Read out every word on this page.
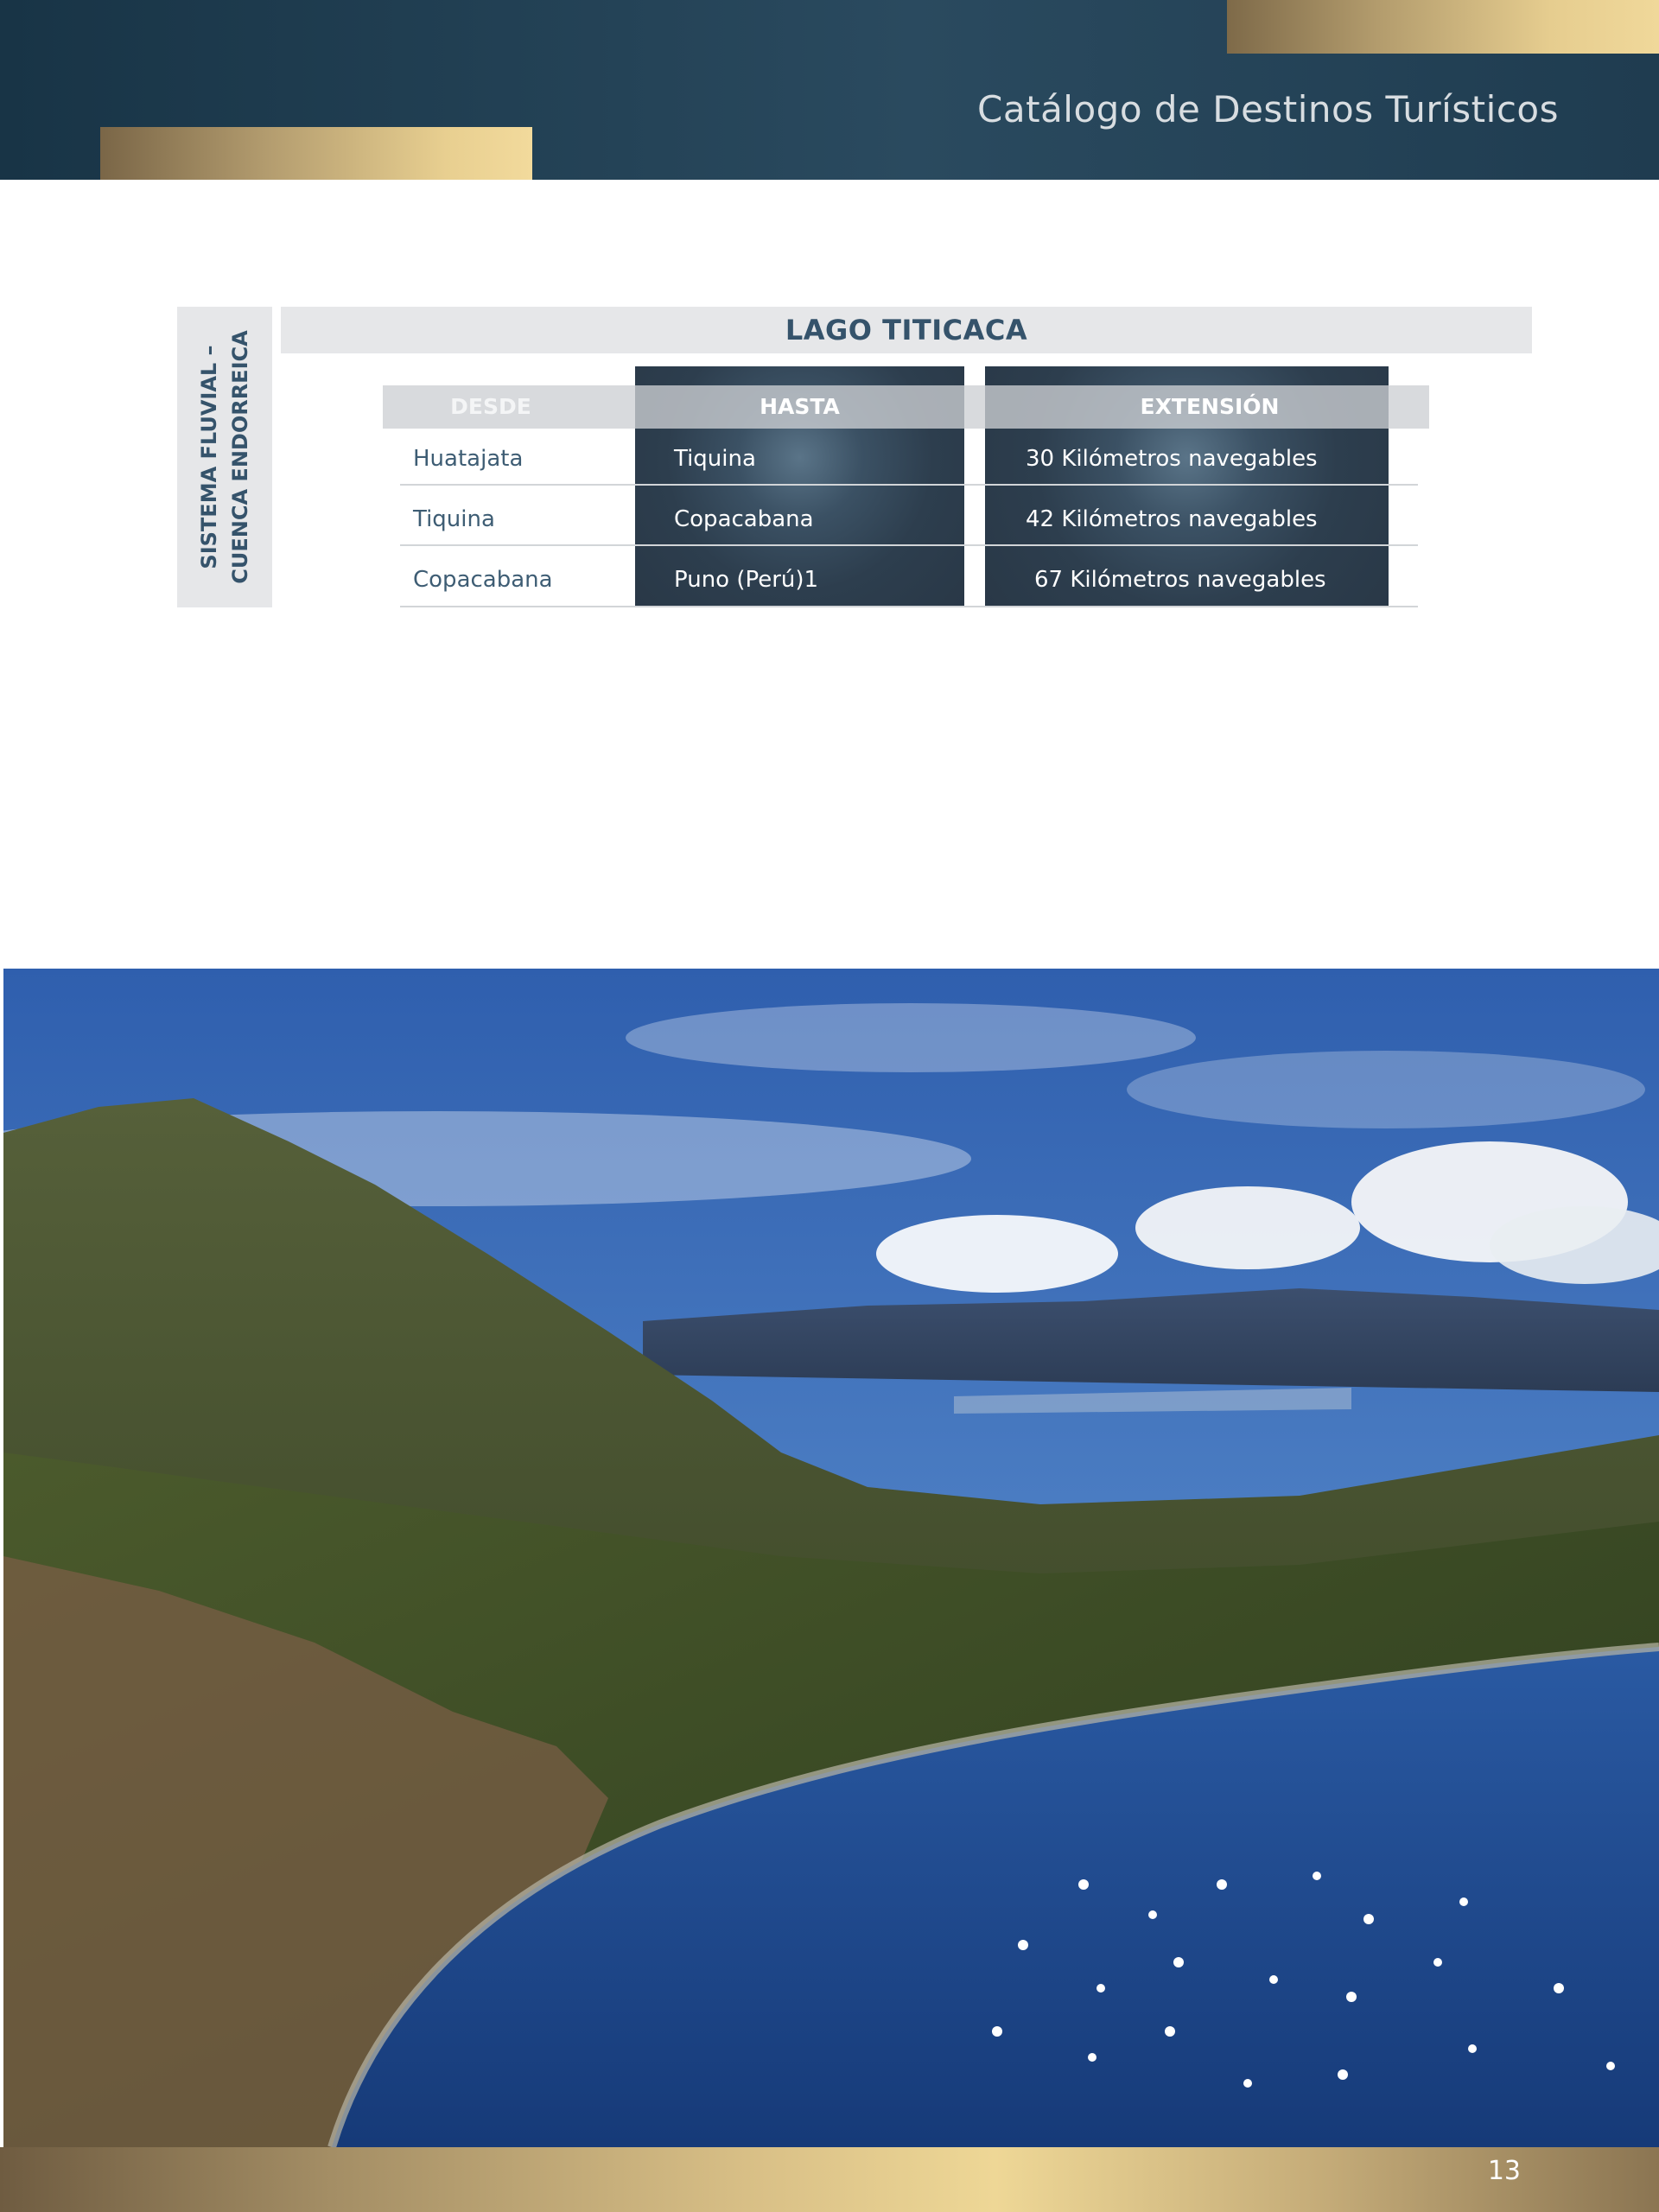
Catálogo de Destinos Turísticos
SISTEMA FLUVIAL – CUENCA ENDORREICA
LAGO TITICACA
DESDE	HASTA	EXTENSIÓN
Huatajata	Tiquina	30 Kilómetros navegables
Tiquina	Copacabana	42 Kilómetros navegables
Copacabana	Puno (Perú)1	67 Kilómetros navegables
13
